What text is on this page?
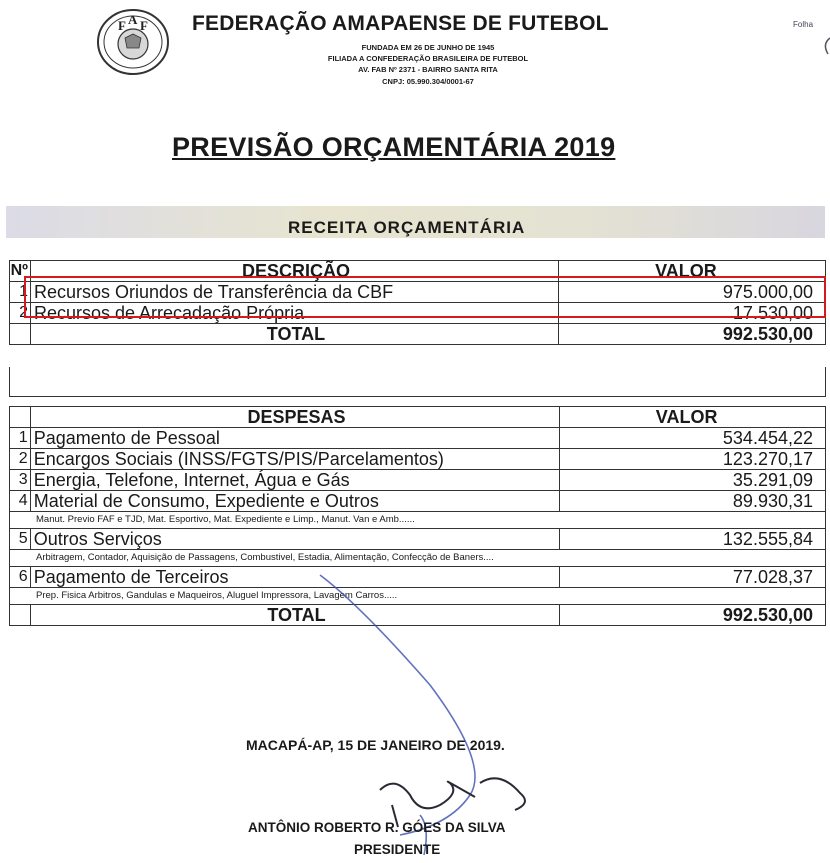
F A F FEDERAÇÃO AMAPAENSE DE FUTEBOL
FUNDADA EM 26 DE JUNHO DE 1945
FILIADA A CONFEDERAÇÃO BRASILEIRA DE FUTEBOL
AV. FAB Nº 2371 - BAIRRO SANTA RITA
CNPJ: 05.990.304/0001-67
Folha
PREVISÃO ORÇAMENTÁRIA 2019
RECEITA ORÇAMENTÁRIA
Nº	DESCRIÇÃO	VALOR
1	Recursos Oriundos de Transferência da CBF	975.000,00
2	Recursos de Arrecadação Própria	17.530,00
	TOTAL	992.530,00
	DESPESAS	VALOR
1	Pagamento de Pessoal	534.454,22
2	Encargos Sociais (INSS/FGTS/PIS/Parcelamentos)	123.270,17
3	Energia, Telefone, Internet, Água e Gás	35.291,09
4	Material de Consumo, Expediente e Outros	89.930,31
Manut. Previo FAF e TJD, Mat. Esportivo, Mat. Expediente e Limp., Manut. Van e Amb......		
5	Outros Serviços	132.555,84
Arbitragem, Contador, Aquisição de Passagens, Combustivel, Estadia, Alimentação, Confecção de Baners....		
6	Pagamento de Terceiros	77.028,37
Prep. Fisica Arbitros, Gandulas e Maqueiros, Aluguel Impressora, Lavagem Carros.....		
	TOTAL	992.530,00
MACAPÁ-AP, 15 DE JANEIRO DE 2019.
ANTÔNIO ROBERTO R. GÓES DA SILVA
PRESIDENTE
